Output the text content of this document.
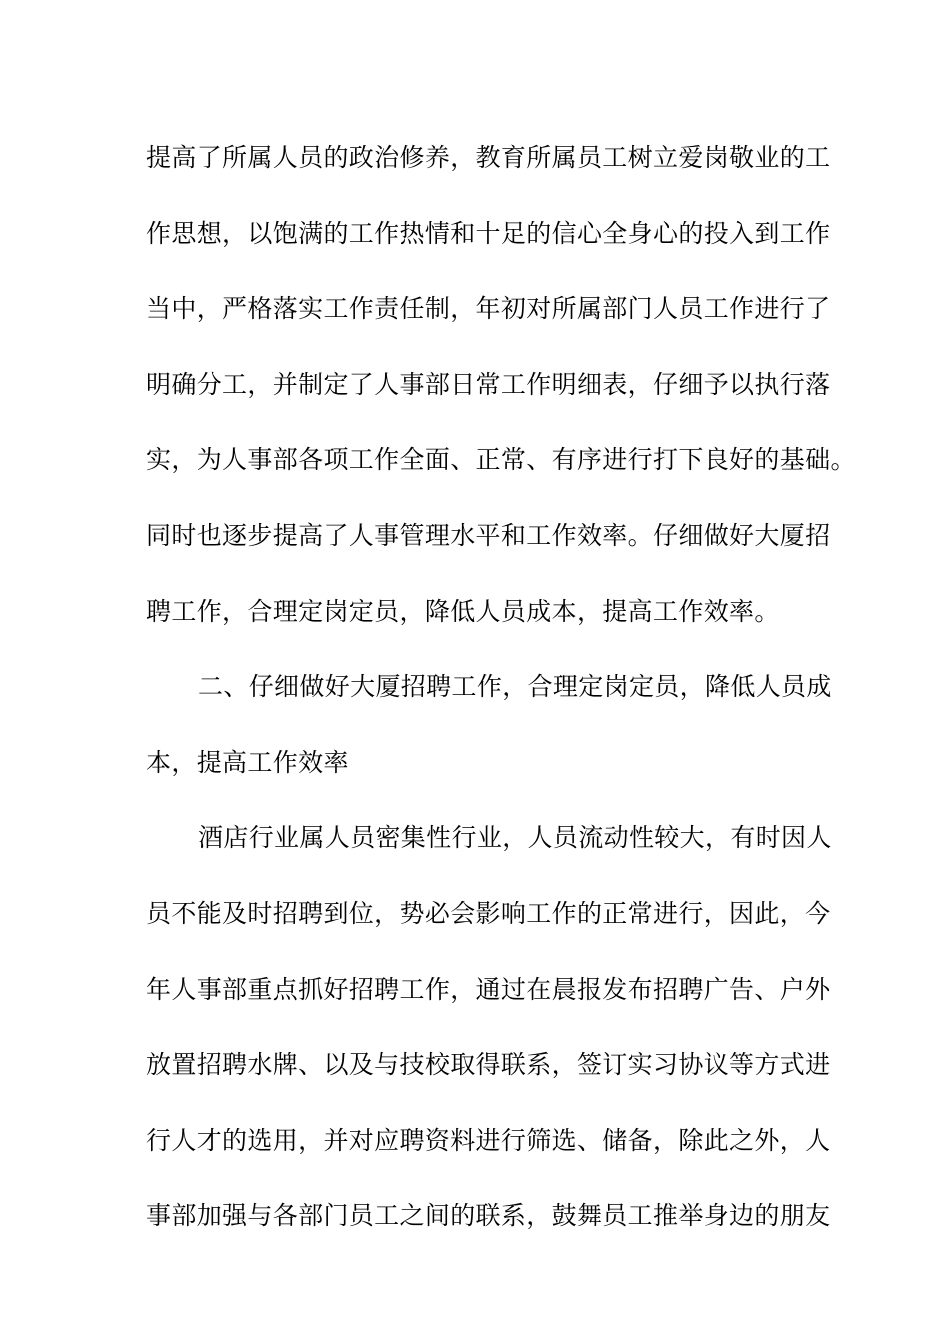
提高了所属人员的政治修养，教育所属员工树立爱岗敬业的工
作思想，以饱满的工作热情和十足的信心全身心的投入到工作
当中，严格落实工作责任制，年初对所属部门人员工作进行了
明确分工，并制定了人事部日常工作明细表，仔细予以执行落
实，为人事部各项工作全面、正常、有序进行打下良好的基础。
同时也逐步提高了人事管理水平和工作效率。仔细做好大厦招
聘工作，合理定岗定员，降低人员成本，提高工作效率。
二、仔细做好大厦招聘工作，合理定岗定员，降低人员成
本，提高工作效率
酒店行业属人员密集性行业，人员流动性较大，有时因人
员不能及时招聘到位，势必会影响工作的正常进行，因此，今
年人事部重点抓好招聘工作，通过在晨报发布招聘广告、户外
放置招聘水牌、以及与技校取得联系，签订实习协议等方式进
行人才的选用，并对应聘资料进行筛选、储备，除此之外，人
事部加强与各部门员工之间的联系，鼓舞员工推举身边的朋友
